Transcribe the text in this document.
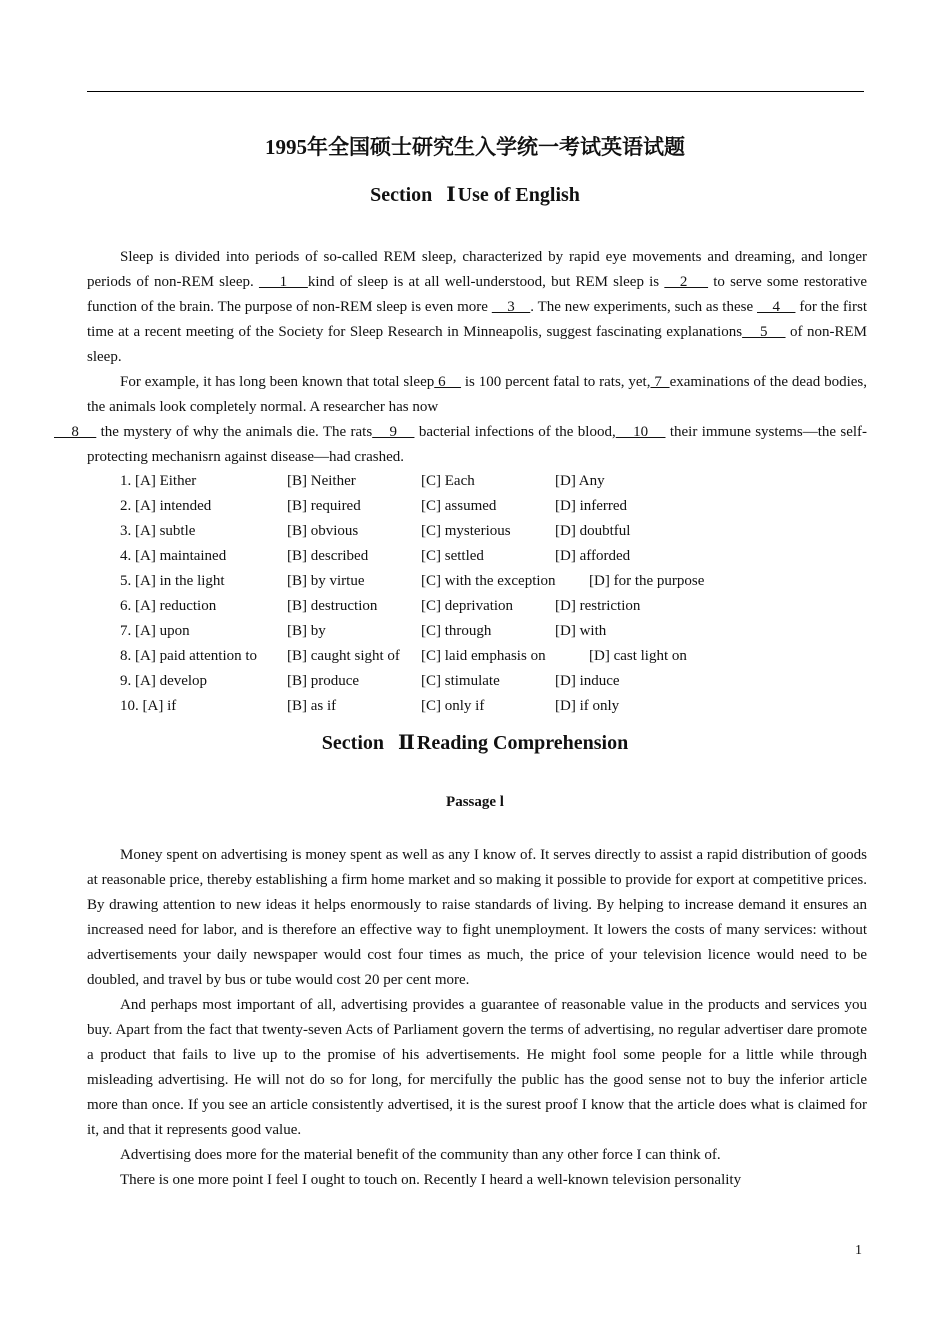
1995年全国硕士研究生入学统一考试英语试题
Section Ⅰ Use of English

Sleep is divided into periods of so-called REM sleep, characterized by rapid eye movements and dreaming, and longer periods of non-REM sleep.     1    kind of sleep is at all well-understood, but REM sleep is    2     to serve some restorative function of the brain. The purpose of non-REM sleep is even more     3    . The new experiments, such as these     4     for the first time at a recent meeting of the Society for Sleep Research in Minneapolis, suggest fascinating explanations    5     of non-REM sleep.

For example, it has long been known that total sleep 6     is 100 percent fatal to rats, yet, 7  examinations of the dead bodies, the animals look completely normal. A researcher has now
8     the mystery of why the animals die. The rats    9     bacterial infections of the blood,    10     their immune systems—the self-protecting mechanisrn against disease—had crashed.

1. [A] Either	[B] Neither	[C] Each	[D] Any
2. [A] intended	[B] required	[C] assumed	[D] inferred
3. [A] subtle	[B] obvious	[C] mysterious	[D] doubtful
4. [A] maintained	[B] described	[C] settled	[D] afforded
5. [A] in the light	[B] by virtue	[C] with the exception	[D] for the purpose
6. [A] reduction	[B] destruction	[C] deprivation	[D] restriction
7. [A] upon	[B] by	[C] through	[D] with
8. [A] paid attention to	[B] caught sight of	[C] laid emphasis on	[D] cast light on
9. [A] develop	[B] produce	[C] stimulate	[D] induce
10. [A] if	[B] as if	[C] only if	[D] if only
Section Ⅱ Reading Comprehension
Passage l

Money spent on advertising is money spent as well as any I know of. It serves directly to assist a rapid distribution of goods at reasonable price, thereby establishing a firm home market and so making it possible to provide for export at competitive prices. By drawing attention to new ideas it helps enormously to raise standards of living. By helping to increase demand it ensures an increased need for labor, and is therefore an effective way to fight unemployment. It lowers the costs of many services: without advertisements your daily newspaper would cost four times as much, the price of your television licence would need to be doubled, and travel by bus or tube would cost 20 per cent more.

And perhaps most important of all, advertising provides a guarantee of reasonable value in the products and services you buy. Apart from the fact that twenty-seven Acts of Parliament govern the terms of advertising, no regular advertiser dare promote a product that fails to live up to the promise of his advertisements. He might fool some people for a little while through misleading advertising. He will not do so for long, for mercifully the public has the good sense not to buy the inferior article more than once. If you see an article consistently advertised, it is the surest proof I know that the article does what is claimed for it, and that it represents good value.

Advertising does more for the material benefit of the community than any other force I can think of.

There is one more point I feel I ought to touch on. Recently I heard a well-known television personality

1
